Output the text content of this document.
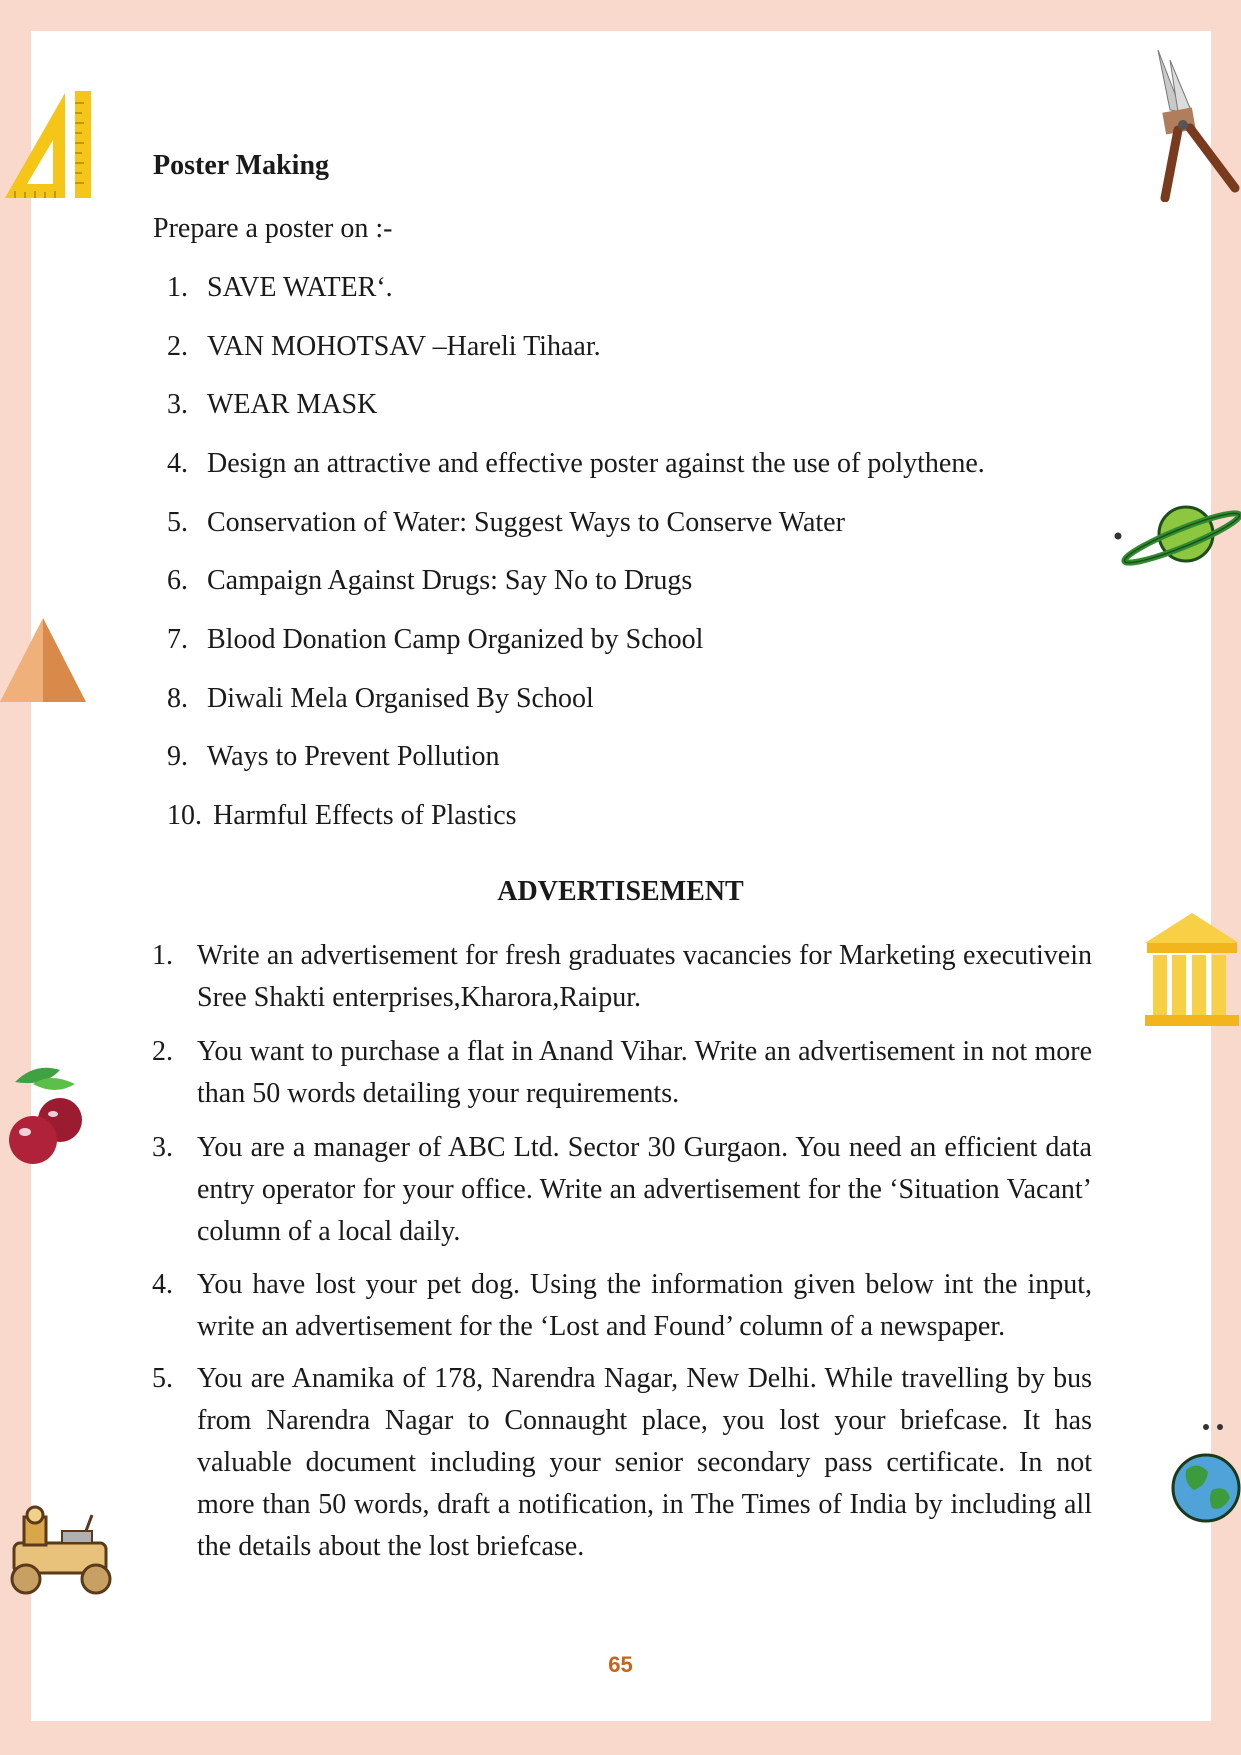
Poster Making
Prepare a poster on :-
1. SAVE WATER‘.
2. VAN MOHOTSAV –Hareli Tihaar.
3. WEAR MASK
4. Design an attractive and effective poster against the use of polythene.
5. Conservation of Water: Suggest Ways to Conserve Water
6. Campaign Against Drugs: Say No to Drugs
7. Blood Donation Camp Organized by School
8. Diwali Mela Organised By School
9. Ways to Prevent Pollution
10. Harmful Effects of Plastics
ADVERTISEMENT
1. Write an advertisement for fresh graduates vacancies for Marketing executivein Sree Shakti enterprises,Kharora,Raipur.
2. You want to purchase a flat in Anand Vihar. Write an advertisement in not more than 50 words detailing your requirements.
3. You are a manager of ABC Ltd. Sector 30 Gurgaon. You need an efficient data entry operator for your office. Write an advertisement for the ‘Situation Vacant’ column of a local daily.
4. You have lost your pet dog. Using the information given below int the input, write an advertisement for the ‘Lost and Found’ column of a newspaper.
5. You are Anamika of 178, Narendra Nagar, New Delhi. While travelling by bus from Narendra Nagar to Connaught place, you lost your briefcase. It has valuable document including your senior secondary pass certificate. In not more than 50 words, draft a notification, in The Times of India by including all the details about the lost briefcase.
65
